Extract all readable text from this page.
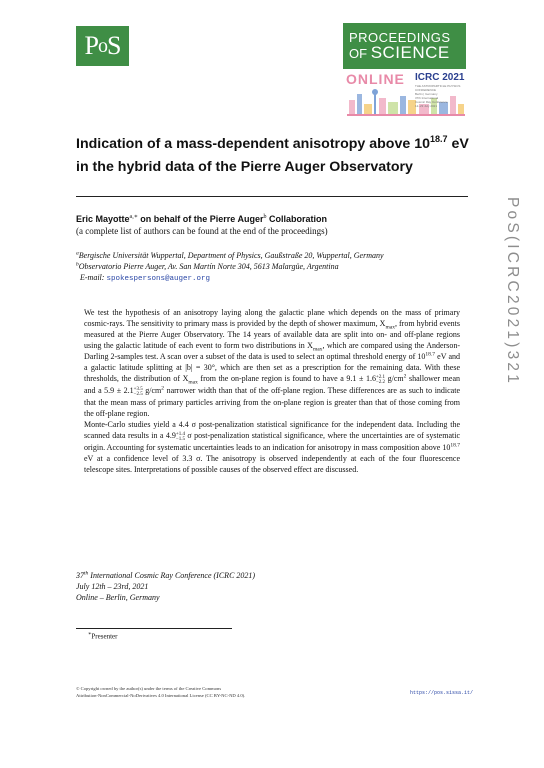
P o S	PROCEEDINGS
OF SCIENCE
ONLINE ICRC 2021
THE ASTROPARTICLE PHYSICS CONFERENCE
Berlin | Germany
37th International
Cosmic Ray Conference
12–23 July 2021
Indication of a mass-dependent anisotropy above $10^{18.7}$ eV
in the hybrid data of the Pierre Auger Observatory
PoS(ICRC2021)321
Eric Mayotte$^{a,∗}$ on behalf of the Pierre Auger$^b$ Collaboration
(a complete list of authors can be found at the end of the proceedings)
$^a$Bergische Universität Wuppertal, Department of Physics, Gaußstraße 20, Wuppertal, Germany
$^b$Observatorio Pierre Auger, Av. San Martín Norte 304, 5613 Malargüe, Argentina
E-mail: spokespersons@auger.org

We test the hypothesis of an anisotropy laying along the galactic plane which depends on the mass of primary cosmic-rays. The sensitivity to primary mass is provided by the depth of shower maximum, $X_{max}$, from hybrid events measured at the Pierre Auger Observatory. The 14 years of available data are split into on- and off-plane regions using the galactic latitude of each event to form two distributions in $X_{max}$, which are compared using the Anderson-Darling 2-samples test. A scan over a subset of the data is used to select an optimal threshold energy of $10^{18.7}$ eV and a galactic latitude splitting at |b| = 30°, which are then set as a prescription for the remaining data. With these thresholds, the distribution of $X_{max}$ from the on-plane region is found to have a 9.1 ± 1.6 +2.1
−2.2 $g/cm^2$ shallower mean and a 5.9 ± 2.1 +3.5
−2.5 $g/cm^2$ narrower width than that of the off-plane region. These differences are as such to indicate that the mean mass of primary particles arriving from the on-plane region is greater than that of those coming from the off-plane region.

Monte-Carlo studies yield a 4.4 σ post-penalization statistical significance for the independent data. Including the scanned data results in a 4.9 +1.4
−1.5 σ post-penalization statistical significance, where the uncertainties are of systematic origin. Accounting for systematic uncertainties leads to an indication for anisotropy in mass composition above $10^{18.7}$ eV at a confidence level of 3.3 σ. The anisotropy is observed independently at each of the four fluorescence telescope sites. Interpretations of possible causes of the observed effect are discussed.

37th International Cosmic Ray Conference (ICRC 2021)
July 12th – 23rd, 2021
Online – Berlin, Germany
∗Presenter
© Copyright owned by the author(s) under the terms of the Creative Commons
Attribution-NonCommercial-NoDerivatives 4.0 International License (CC BY-NC-ND 4.0).	https://pos.sissa.it/
